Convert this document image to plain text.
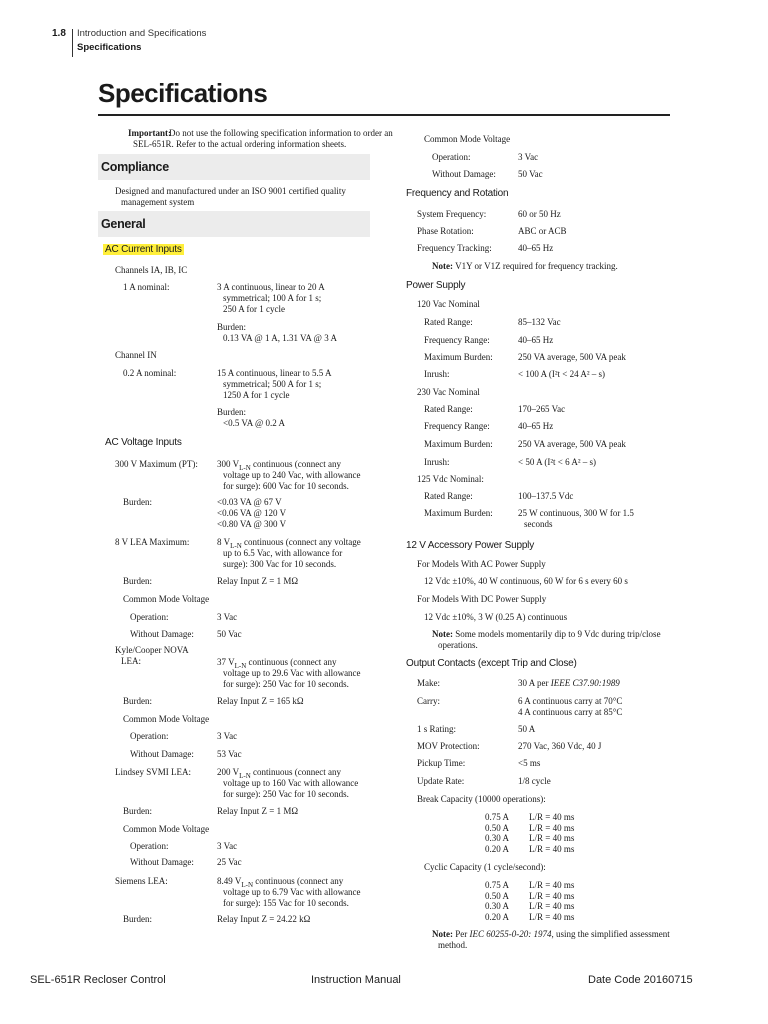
1.8 Introduction and Specifications
Specifications
Specifications
Important:
Do not use the following specification information to order an
SEL-651R. Refer to the actual ordering information sheets.
Compliance
Designed and manufactured under an ISO 9001 certified quality
management system
General
AC Current Inputs
Channels IA, IB, IC
1 A nominal:	3 A continuous, linear to 20 A
symmetrical; 100 A for 1 s;
250 A for 1 cycle
Burden:
0.13 VA @ 1 A, 1.31 VA @ 3 A
Channel IN
0.2 A nominal:	15 A continuous, linear to 5.5 A
symmetrical; 500 A for 1 s;
1250 A for 1 cycle
Burden:
<0.5 VA @ 0.2 A
AC Voltage Inputs
300 V Maximum (PT): 300 $V_{L-N}$ continuous (connect any
voltage up to 240 Vac, with allowance
for surge): 600 Vac for 10 seconds.
Burden:	<0.03 VA @ 67 V
<0.06 VA @ 120 V
<0.80 VA @ 300 V
8 V LEA Maximum:	8 $V_{L-N}$ continuous (connect any voltage
up to 6.5 Vac, with allowance for
surge): 300 Vac for 10 seconds.
Burden:	Relay Input Z = 1 MΩ
Common Mode Voltage
Operation:	3 Vac
Without Damage:	50 Vac
Kyle/Cooper NOVA
LEA:	37 $V_{L-N}$ continuous (connect any
voltage up to 29.6 Vac with allowance
for surge): 250 Vac for 10 seconds.
Burden:	Relay Input Z = 165 kΩ
Common Mode Voltage
Operation:	3 Vac
Without Damage:	53 Vac
Lindsey SVMI LEA:	200 $V_{L-N}$ continuous (connect any
voltage up to 160 Vac with allowance
for surge): 250 Vac for 10 seconds.
Burden:	Relay Input Z = 1 MΩ
Common Mode Voltage
Operation:	3 Vac
Without Damage:	25 Vac
Siemens LEA:	8.49 $V_{L-N}$ continuous (connect any
voltage up to 6.79 Vac with allowance
for surge): 155 Vac for 10 seconds.
Burden:	Relay Input Z = 24.22 kΩ
Common Mode Voltage
Operation:	3 Vac
Without Damage: 50 Vac
Frequency and Rotation
System Frequency:	60 or 50 Hz
Phase Rotation:	ABC or ACB
Frequency Tracking:	40–65 Hz
Note: V1Y or V1Z required for frequency tracking.
Power Supply
120 Vac Nominal
Rated Range:	85–132 Vac
Frequency Range:	40–65 Hz
Maximum Burden:	250 VA average, 500 VA peak
Inrush:	< 100 A (I²t < 24 A² – s)
230 Vac Nominal
Rated Range:	170–265 Vac
Frequency Range:	40–65 Hz
Maximum Burden:	250 VA average, 500 VA peak
Inrush:	< 50 A (I²t < 6 A² – s)
125 Vdc Nominal:
Rated Range:	100–137.5 Vdc
Maximum Burden:	25 W continuous, 300 W for 1.5
seconds
12 V Accessory Power Supply
For Models With AC Power Supply
12 Vdc ±10%, 40 W continuous, 60 W for 6 s every 60 s
For Models With DC Power Supply
12 Vdc ±10%, 3 W (0.25 A) continuous
Note: Some models momentarily dip to 9 Vdc during trip/close
operations.
Output Contacts (except Trip and Close)
Make:	30 A per IEEE C37.90:1989
Carry:	6 A continuous carry at 70°C
4 A continuous carry at 85°C
1 s Rating:	50 A
MOV Protection:	270 Vac, 360 Vdc, 40 J
Pickup Time:	<5 ms
Update Rate:	1/8 cycle
Break Capacity (10000 operations):
0.75 A L/R = 40 ms
0.50 A L/R = 40 ms
0.30 A L/R = 40 ms
0.20 A L/R = 40 ms
Cyclic Capacity (1 cycle/second):
0.75 A L/R = 40 ms
0.50 A L/R = 40 ms
0.30 A L/R = 40 ms
0.20 A L/R = 40 ms
Note: Per IEC 60255-0-20: 1974, using the simplified assessment
method.
SEL-651R Recloser Control	Instruction Manual	Date Code 20160715
